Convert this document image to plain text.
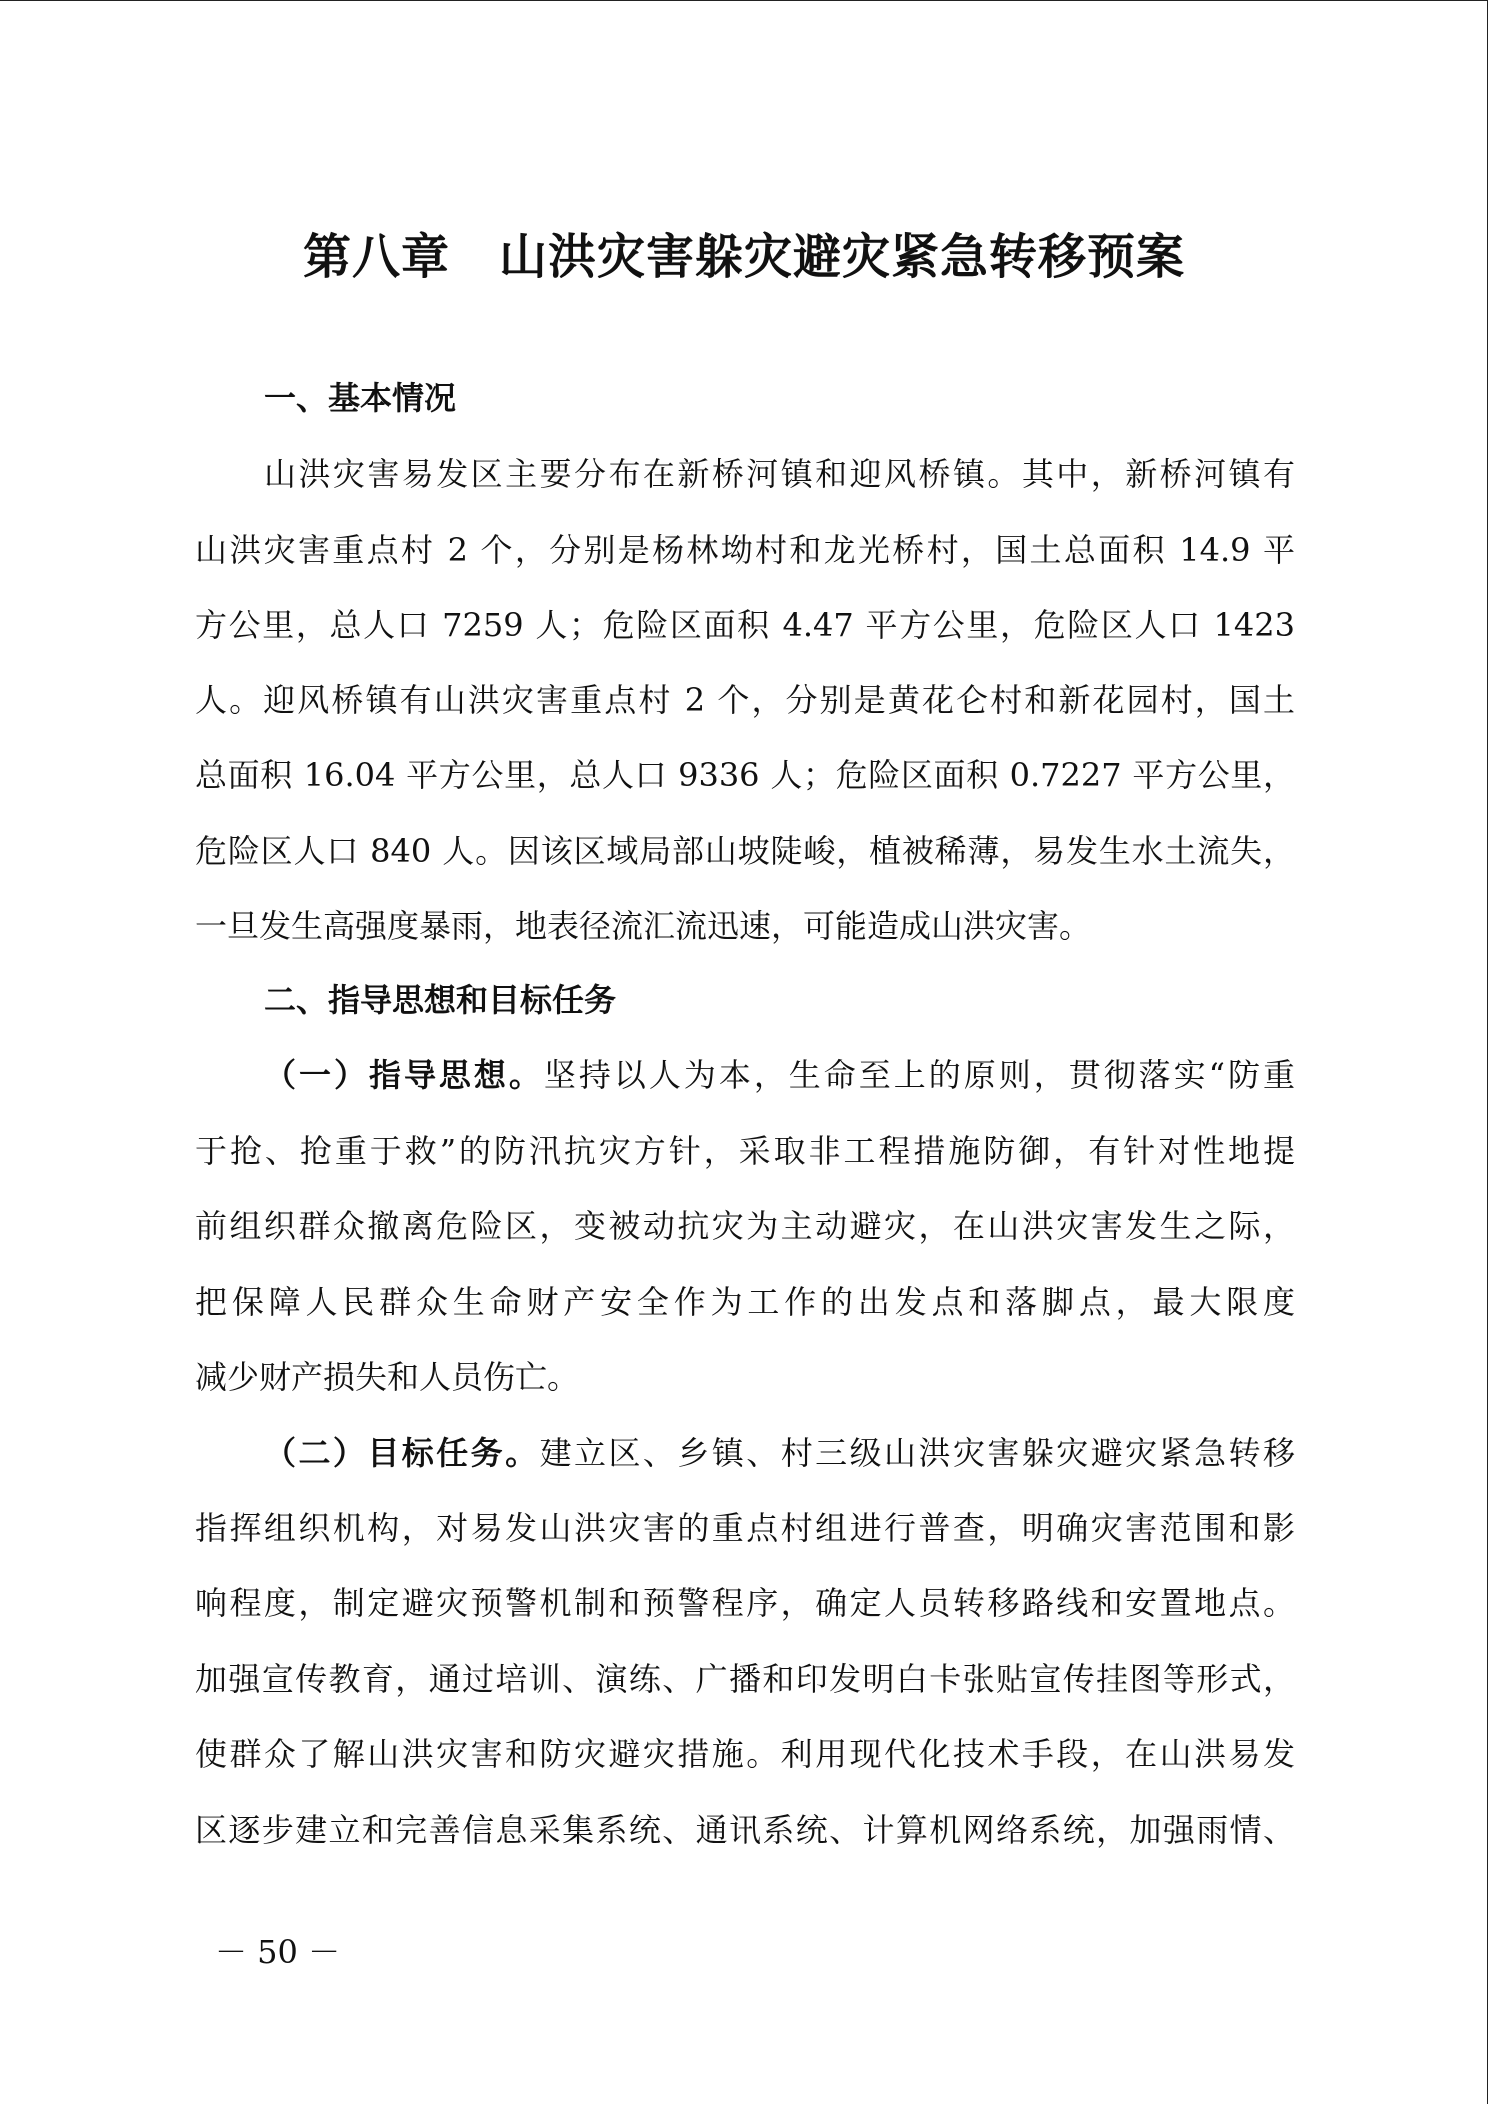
第八章　山洪灾害躲灾避灾紧急转移预案
一、基本情况
山洪灾害易发区主要分布在新桥河镇和迎风桥镇。其中，新桥河镇有
山洪灾害重点村 2 个，分别是杨林坳村和龙光桥村，国土总面积 14.9 平
方公里，总人口 7259 人；危险区面积 4.47 平方公里，危险区人口 1423
人。迎风桥镇有山洪灾害重点村 2 个，分别是黄花仑村和新花园村，国土
总面积 16.04 平方公里，总人口 9336 人；危险区面积 0.7227 平方公里，
危险区人口 840 人。因该区域局部山坡陡峻，植被稀薄，易发生水土流失，
一旦发生高强度暴雨，地表径流汇流迅速，可能造成山洪灾害。
二、指导思想和目标任务
（一）指导思想。坚持以人为本，生命至上的原则，贯彻落实“防重
于抢、抢重于救”的防汛抗灾方针，采取非工程措施防御，有针对性地提
前组织群众撤离危险区，变被动抗灾为主动避灾，在山洪灾害发生之际，
把保障人民群众生命财产安全作为工作的出发点和落脚点，最大限度
减少财产损失和人员伤亡。
（二）目标任务。建立区、乡镇、村三级山洪灾害躲灾避灾紧急转移
指挥组织机构，对易发山洪灾害的重点村组进行普查，明确灾害范围和影
响程度，制定避灾预警机制和预警程序，确定人员转移路线和安置地点。
加强宣传教育，通过培训、演练、广播和印发明白卡张贴宣传挂图等形式，
使群众了解山洪灾害和防灾避灾措施。利用现代化技术手段，在山洪易发
区逐步建立和完善信息采集系统、通讯系统、计算机网络系统，加强雨情、
－ 50 －
